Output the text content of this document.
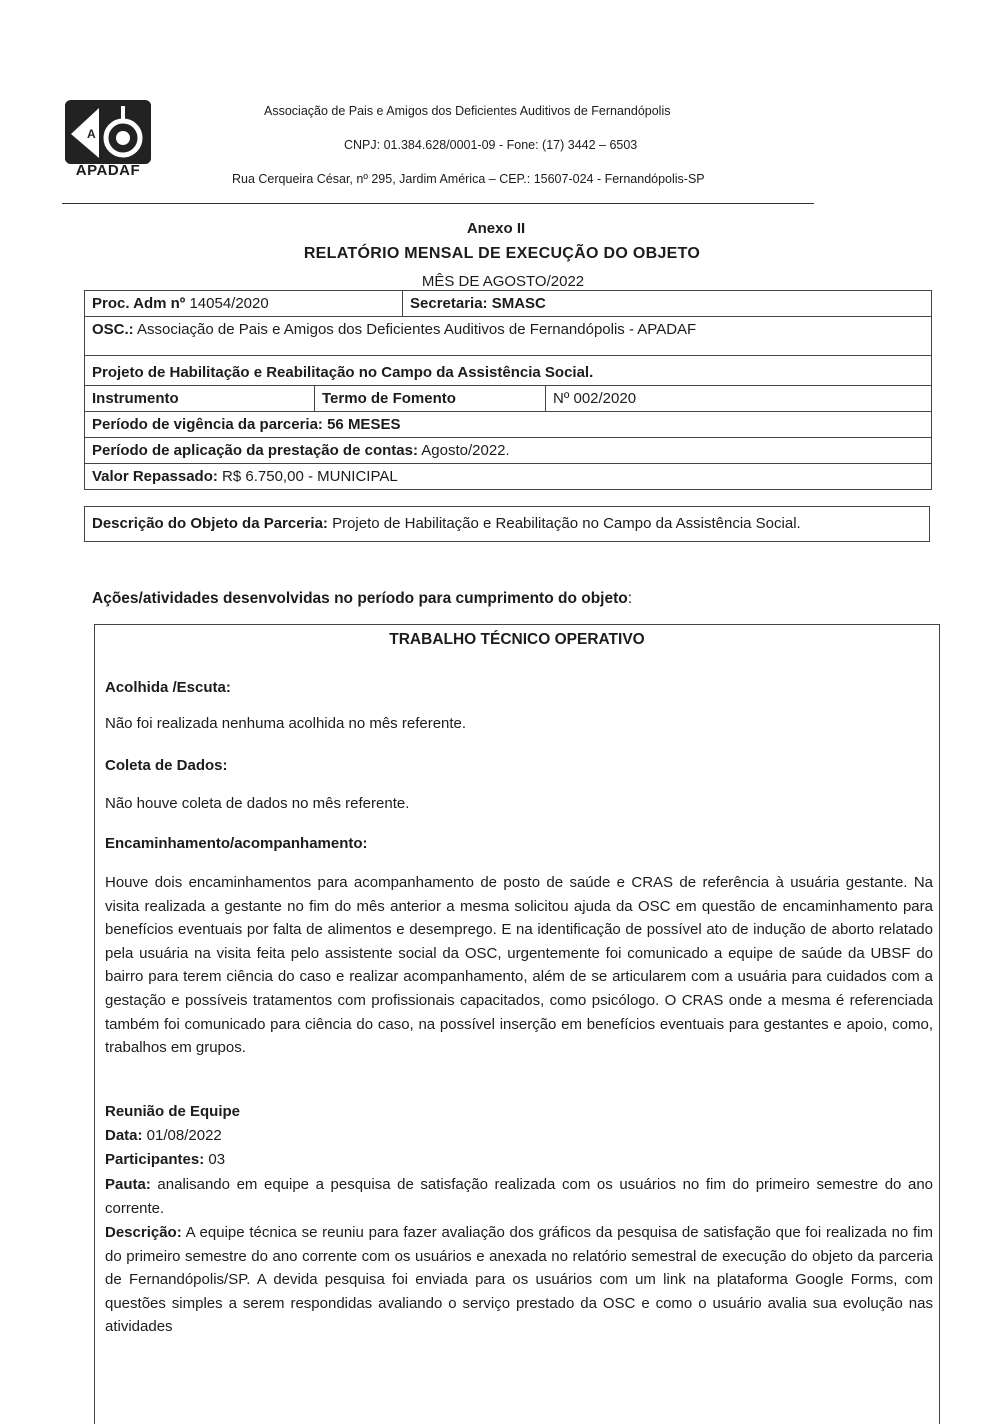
A
APADAF
Associação de Pais e Amigos dos Deficientes Auditivos de Fernandópolis
CNPJ: 01.384.628/0001-09 - Fone: (17) 3442 – 6503
Rua Cerqueira César, nº 295, Jardim América – CEP.: 15607-024 - Fernandópolis-SP
Anexo II
RELATÓRIO MENSAL DE EXECUÇÃO DO OBJETO
MÊS DE AGOSTO/2022
Proc. Adm nº 14054/2020	Secretaria: SMASC
OSC.: Associação de Pais e Amigos dos Deficientes Auditivos de Fernandópolis - APADAF
Projeto de Habilitação e Reabilitação no Campo da Assistência Social.
Instrumento	Termo de Fomento	Nº 002/2020
Período de vigência da parceria: 56 MESES
Período de aplicação da prestação de contas: Agosto/2022.
Valor Repassado: R$ 6.750,00 - MUNICIPAL
Descrição do Objeto da Parceria: Projeto de Habilitação e Reabilitação no Campo da Assistência Social.
Ações/atividades desenvolvidas no período para cumprimento do objeto:
TRABALHO TÉCNICO OPERATIVO
Acolhida /Escuta:
Não foi realizada nenhuma acolhida no mês referente.
Coleta de Dados:
Não houve coleta de dados no mês referente.
Encaminhamento/acompanhamento:
Houve dois encaminhamentos para acompanhamento de posto de saúde e CRAS de referência à usuária gestante. Na visita realizada a gestante no fim do mês anterior a mesma solicitou ajuda da OSC em questão de encaminhamento para benefícios eventuais por falta de alimentos e desemprego. E na identificação de possível ato de indução de aborto relatado pela usuária na visita feita pelo assistente social da OSC, urgentemente foi comunicado a equipe de saúde da UBSF do bairro para terem ciência do caso e realizar acompanhamento, além de se articularem com a usuária para cuidados com a gestação e possíveis tratamentos com profissionais capacitados, como psicólogo. O CRAS onde a mesma é referenciada também foi comunicado para ciência do caso, na possível inserção em benefícios eventuais para gestantes e apoio, como, trabalhos em grupos.
Reunião de Equipe
Data: 01/08/2022
Participantes: 03
Pauta: analisando em equipe a pesquisa de satisfação realizada com os usuários no fim do primeiro semestre do ano corrente.
Descrição: A equipe técnica se reuniu para fazer avaliação dos gráficos da pesquisa de satisfação que foi realizada no fim do primeiro semestre do ano corrente com os usuários e anexada no relatório semestral de execução do objeto da parceria de Fernandópolis/SP. A devida pesquisa foi enviada para os usuários com um link na plataforma Google Forms, com questões simples a serem respondidas avaliando o serviço prestado da OSC e como o usuário avalia sua evolução nas atividades
